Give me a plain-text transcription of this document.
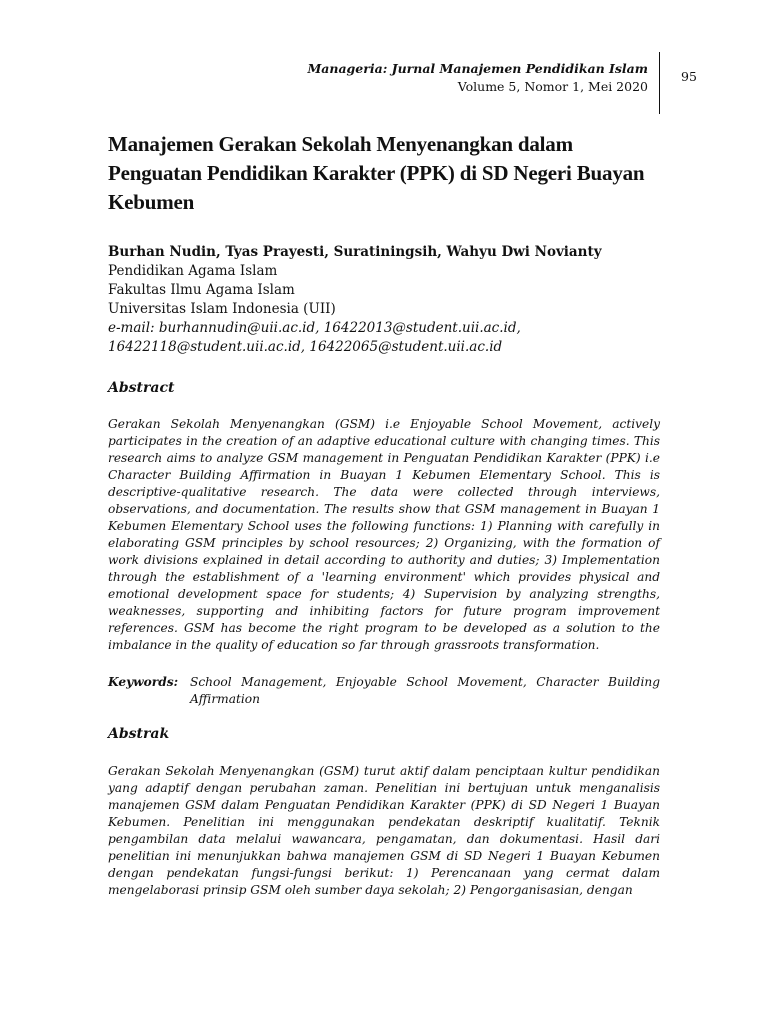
Manageria: Jurnal Manajemen Pendidikan Islam
Volume 5, Nomor 1, Mei 2020
95
Manajemen Gerakan Sekolah Menyenangkan dalam Penguatan Pendidikan Karakter (PPK) di SD Negeri Buayan Kebumen
Burhan Nudin, Tyas Prayesti, Suratiningsih, Wahyu Dwi Novianty
Pendidikan Agama Islam
Fakultas Ilmu Agama Islam
Universitas Islam Indonesia (UII)
e-mail: burhannudin@uii.ac.id, 16422013@student.uii.ac.id,
16422118@student.uii.ac.id, 16422065@student.uii.ac.id
Abstract

Gerakan Sekolah Menyenangkan (GSM) i.e Enjoyable School Movement, actively participates in the creation of an adaptive educational culture with changing times. This research aims to analyze GSM management in Penguatan Pendidikan Karakter (PPK) i.e Character Building Affirmation in Buayan 1 Kebumen Elementary School. This is descriptive-qualitative research. The data were collected through interviews, observations, and documentation. The results show that GSM management in Buayan 1 Kebumen Elementary School uses the following functions: 1) Planning with carefully in elaborating GSM principles by school resources; 2) Organizing, with the formation of work divisions explained in detail according to authority and duties; 3) Implementation through the establishment of a 'learning environment' which provides physical and emotional development space for students; 4) Supervision by analyzing strengths, weaknesses, supporting and inhibiting factors for future program improvement references. GSM has become the right program to be developed as a solution to the imbalance in the quality of education so far through grassroots transformation.

Keywords: School Management, Enjoyable School Movement, Character Building Affirmation
Abstrak

Gerakan Sekolah Menyenangkan (GSM) turut aktif dalam penciptaan kultur pendidikan yang adaptif dengan perubahan zaman. Penelitian ini bertujuan untuk menganalisis manajemen GSM dalam Penguatan Pendidikan Karakter (PPK) di SD Negeri 1 Buayan Kebumen. Penelitian ini menggunakan pendekatan deskriptif kualitatif. Teknik pengambilan data melalui wawancara, pengamatan, dan dokumentasi. Hasil dari penelitian ini menunjukkan bahwa manajemen GSM di SD Negeri 1 Buayan Kebumen dengan pendekatan fungsi-fungsi berikut: 1) Perencanaan yang cermat dalam mengelaborasi prinsip GSM oleh sumber daya sekolah; 2) Pengorganisasian, dengan
